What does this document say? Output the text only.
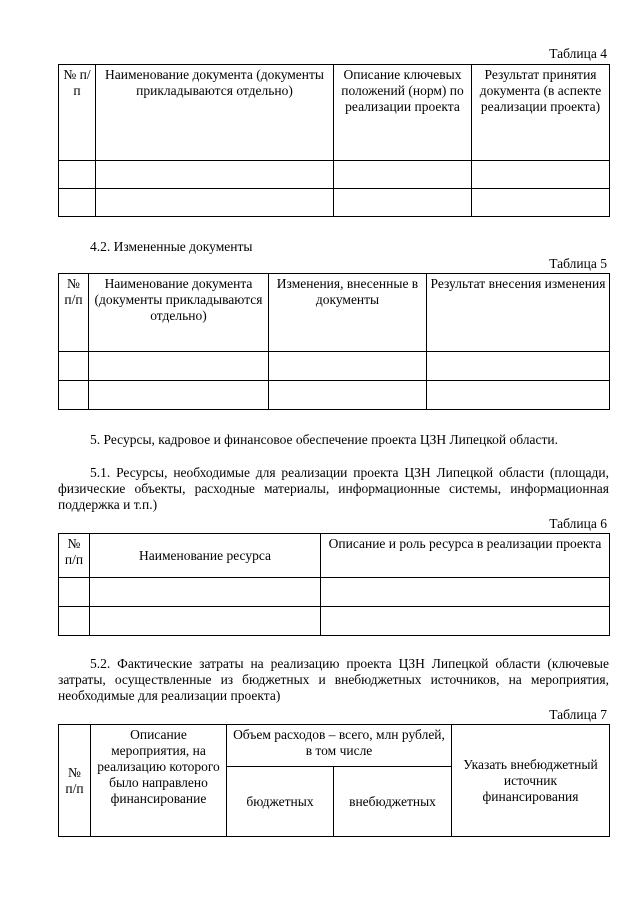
Таблица 4
№ п/п	Наименование документа (документы прикладываются отдельно)	Описание ключевых положений (норм) по реализации проекта	Результат принятия документа (в аспекте реализации проекта)

4.2. Измененные документы
Таблица 5
№ п/п	Наименование документа (документы прикладываются отдельно)	Изменения, внесенные в документы	Результат внесения изменения

5. Ресурсы, кадровое и финансовое обеспечение проекта ЦЗН Липецкой области.
5.1. Ресурсы, необходимые для реализации проекта ЦЗН Липецкой области (площади, физические объекты, расходные материалы, информационные системы, информационная поддержка и т.п.)
Таблица 6
№ п/п	Наименование ресурса	Описание и роль ресурса в реализации проекта

5.2. Фактические затраты на реализацию проекта ЦЗН Липецкой области (ключевые затраты, осуществленные из бюджетных и внебюджетных источников, на мероприятия, необходимые для реализации проекта)
Таблица 7
№ п/п	Описание мероприятия, на реализацию которого было направлено финансирование	Объем расходов – всего, млн рублей, в том числе		Указать внебюджетный источник финансирования
		бюджетных	внебюджетных	
